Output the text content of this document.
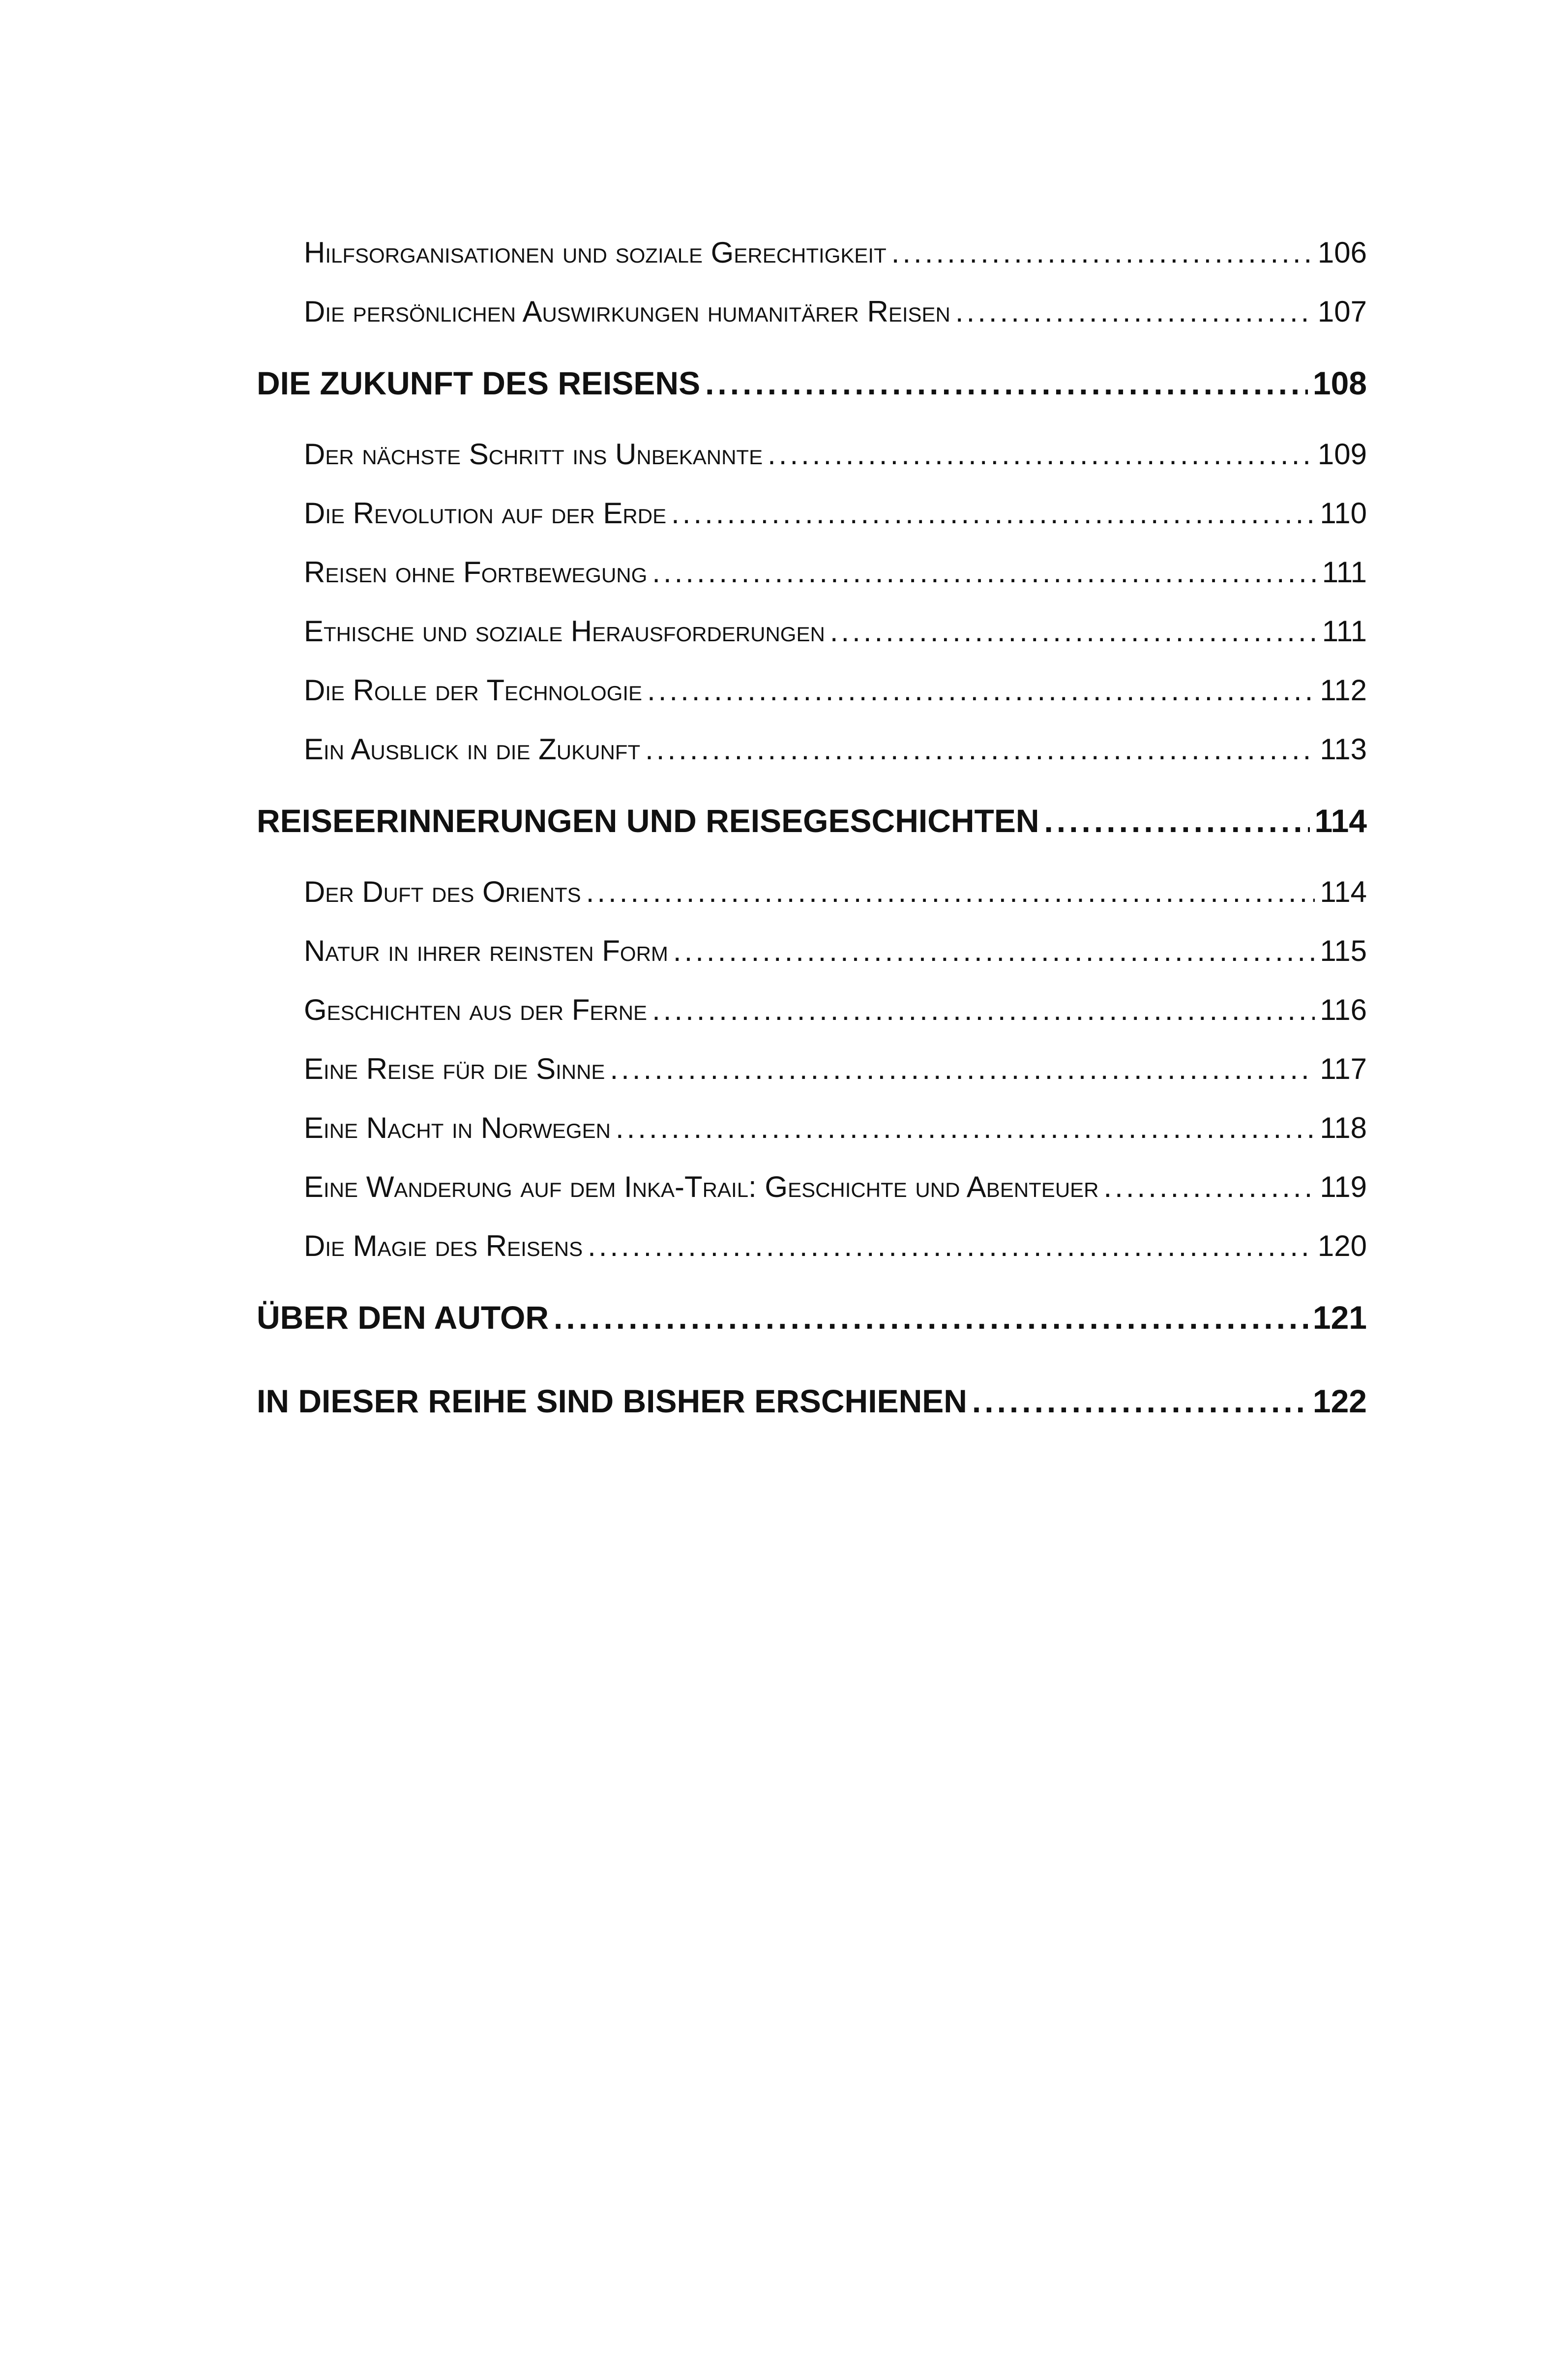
Hilfsorganisationen und soziale Gerechtigkeit .....	106
Die persönlichen Auswirkungen humanitärer Reisen .....	107
DIE ZUKUNFT DES REISENS .....	108
Der nächste Schritt ins Unbekannte .....	109
Die Revolution auf der Erde .....	110
Reisen ohne Fortbewegung .....	111
Ethische und soziale Herausforderungen .....	111
Die Rolle der Technologie .....	112
Ein Ausblick in die Zukunft .....	113
REISEERINNERUNGEN UND REISEGESCHICHTEN .....	114
Der Duft des Orients .....	114
Natur in ihrer reinsten Form .....	115
Geschichten aus der Ferne .....	116
Eine Reise für die Sinne .....	117
Eine Nacht in Norwegen .....	118
Eine Wanderung auf dem Inka-Trail: Geschichte und Abenteuer .....	119
Die Magie des Reisens .....	120
ÜBER DEN AUTOR .....	121
IN DIESER REIHE SIND BISHER ERSCHIENEN .....	122
